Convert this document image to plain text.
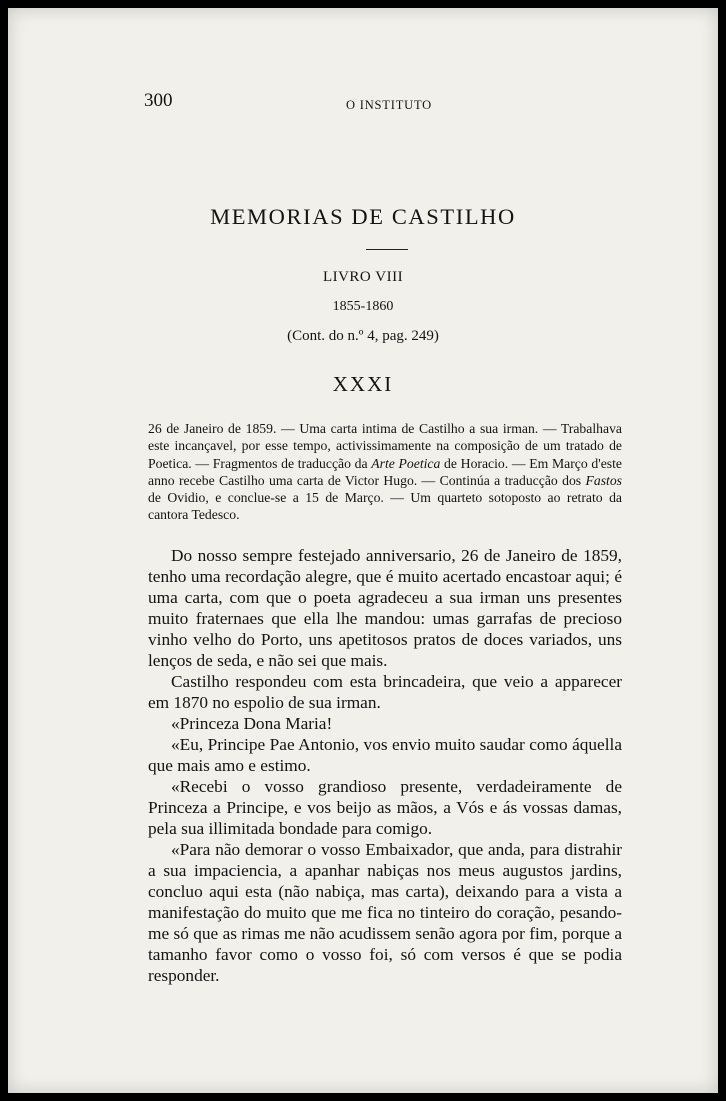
300	O INSTITUTO
MEMORIAS DE CASTILHO
LIVRO VIII
1855-1860
(Cont. do n.º 4, pag. 249)
XXXI
26 de Janeiro de 1859. — Uma carta intima de Castilho a sua irman. — Trabalhava este incançavel, por esse tempo, activissimamente na composição de um tratado de Poetica. — Fragmentos de traducção da Arte Poetica de Horacio. — Em Março d'este anno recebe Castilho uma carta de Victor Hugo. — Continúa a traducção dos Fastos de Ovidio, e conclue-se a 15 de Março. — Um quarteto sotoposto ao retrato da cantora Tedesco.

Do nosso sempre festejado anniversario, 26 de Janeiro de 1859, tenho uma recordação alegre, que é muito acertado encastoar aqui; é uma carta, com que o poeta agradeceu a sua irman uns presentes muito fraternaes que ella lhe mandou: umas garrafas de precioso vinho velho do Porto, uns apetitosos pratos de doces variados, uns lenços de seda, e não sei que mais.

Castilho respondeu com esta brincadeira, que veio a apparecer em 1870 no espolio de sua irman.

«Princeza Dona Maria!

«Eu, Principe Pae Antonio, vos envio muito saudar como áquella que mais amo e estimo.

«Recebi o vosso grandioso presente, verdadeiramente de Princeza a Principe, e vos beijo as mãos, a Vós e ás vossas damas, pela sua illimitada bondade para comigo.

«Para não demorar o vosso Embaixador, que anda, para distrahir a sua impaciencia, a apanhar nabiças nos meus augustos jardins, concluo aqui esta (não nabiça, mas carta), deixando para a vista a manifestação do muito que me fica no tinteiro do coração, pesando-me só que as rimas me não acudissem senão agora por fim, porque a tamanho favor como o vosso foi, só com versos é que se podia responder.
